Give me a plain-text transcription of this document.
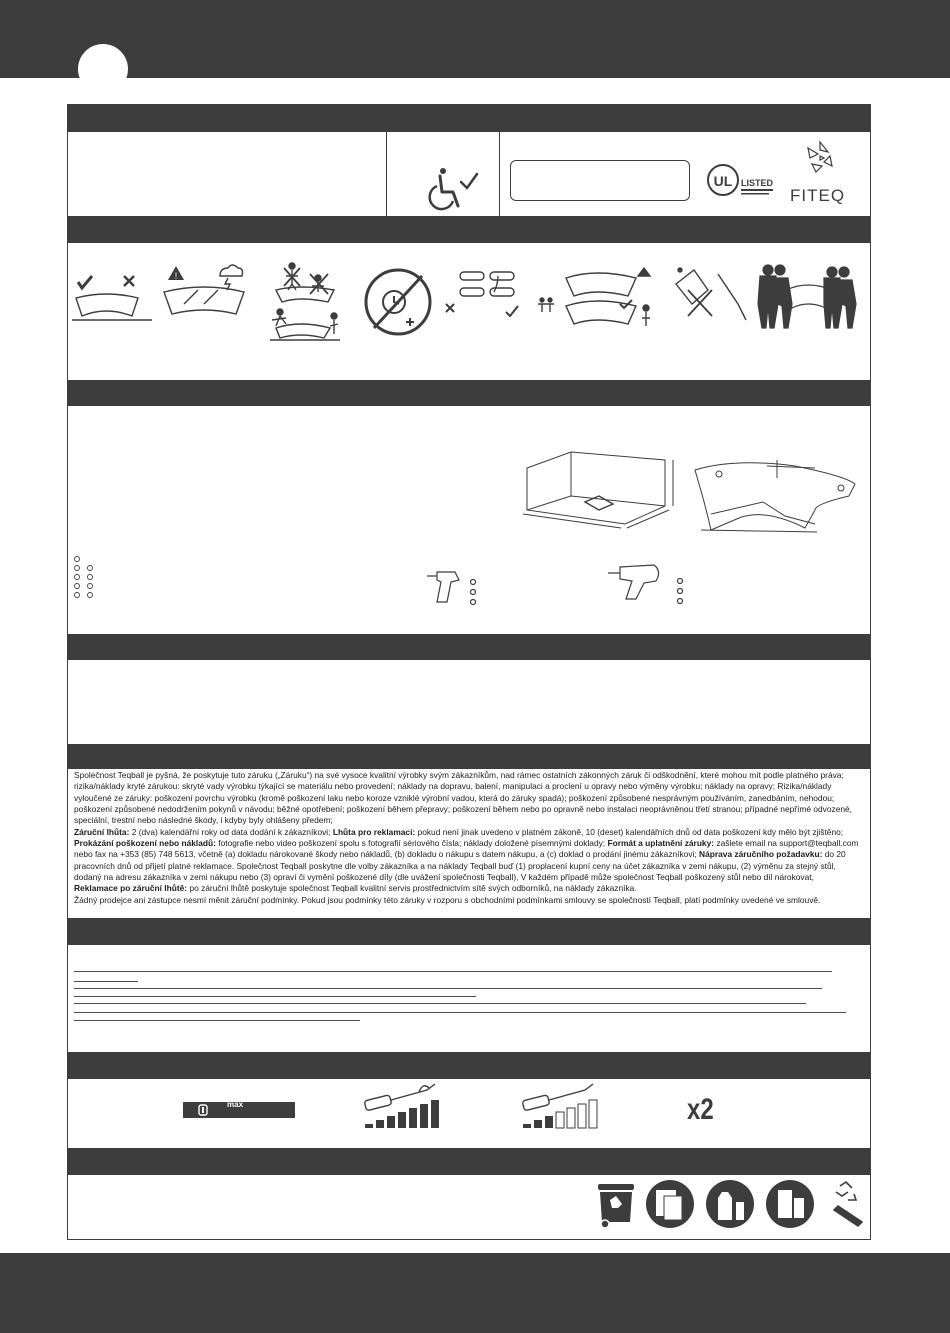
UL LISTED
FITEQ
!

Společnost Teqball je pyšná, že poskytuje tuto záruku („Záruku“) na své vysoce kvalitní výrobky svým zákazníkům, nad rámec ostatních zákonných záruk či odškodnění, které mohou mít podle platného práva;

rizika/náklady kryté zárukou: skryté vady výrobku týkající se materiálu nebo provedení; náklady na dopravu, balení, manipulaci a proclení u opravy nebo výměny výrobku; náklady na opravy; Rizika/náklady

vyloučené ze záruky: poškození povrchu výrobku (kromě poškození laku nebo koroze vzniklé výrobní vadou, která do záruky spadá); poškození způsobené nesprávným používáním, zanedbáním, nehodou;

poškození způsobené nedodržením pokynů v návodu; běžné opotřebení; poškození během přepravy; poškození během nebo po opravně nebo instalaci neoprávněnou třetí stranou; případné nepřímé odvozené,

speciální, trestní nebo následné škody, i kdyby byly ohlášeny předem;

Záruční lhůta: 2 (dva) kalendářní roky od data dodání k zákazníkovi; Lhůta pro reklamaci: pokud není jinak uvedeno v platném zákoně, 10 (deset) kalendářních dnů od data poškození kdy mělo být zjištěno;

Prokázání poškození nebo nákladů: fotografie nebo video poškození spolu s fotografií sériového čísla; náklady doložené písemnými doklady; Formát a uplatnění záruky: zašlete email na support@teqball.com

nebo fax na +353 (85) 748 5613, včetně (a) dokladu nárokované škody nebo nákladů, (b) dokladu o nákupu s datem nákupu, a (c) doklad o prodání jinému zákazníkovi; Náprava záručního požadavku: do 20

pracovních dnů od přijetí platné reklamace. Společnost Teqball poskytne dle volby zákazníka a na náklady Teqball buď (1) proplacení kupní ceny na účet zákazníka v zemi nákupu, (2) výměnu za stejný stůl,

dodaný na adresu zákazníka v zemi nákupu nebo (3) opraví či vymění poškozené díly (dle uvážení společnosti Teqball), V každém případě může společnost Teqball poškozený stůl nebo díl nárokovat,

Reklamace po záruční lhůtě: po záruční lhůtě poskytuje společnost Teqball kvalitní servis prostřednictvím sítě svých odborníků, na náklady zákazníka.

Žádný prodejce ani zástupce nesmí měnit záruční podmínky. Pokud jsou podmínky této záruky v rozporu s obchodními podmínkami smlouvy se společností Teqball, platí podmínky uvedené ve smlouvě.

max	x2
